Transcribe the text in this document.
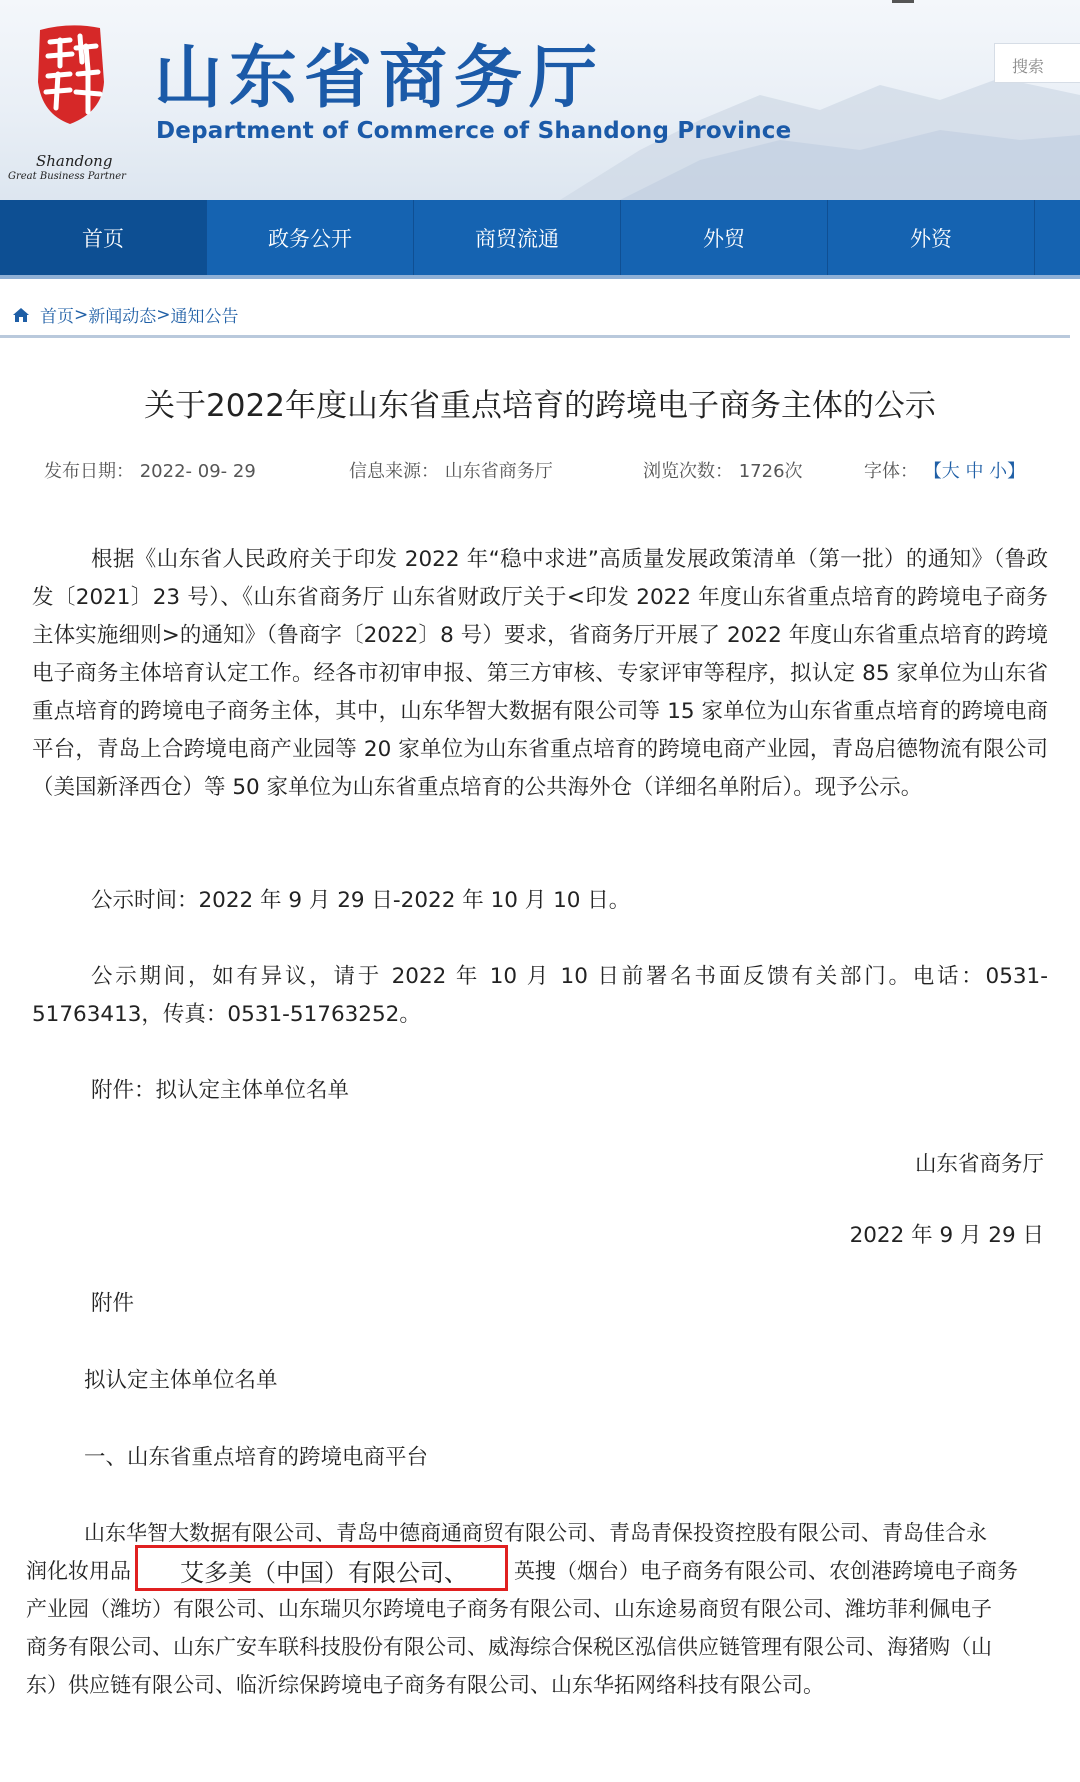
Shandong
Great Business Partner
山东省商务厅
Department of Commerce of Shandong Province
搜索
首页	政务公开	商贸流通	外贸	外资
首页 > 新闻动态 > 通知公告
关于2022年度山东省重点培育的跨境电子商务主体的公示
发布日期： 2022- 09- 29	信息来源： 山东省商务厅	浏览次数： 1726次	字体： 【大 中 小】
根据《山东省人民政府关于印发 2022 年“稳中求进”高质量发展政策清单（第一批）的通知》（鲁政发〔2021〕23 号）、《山东省商务厅 山东省财政厅关于<印发 2022 年度山东省重点培育的跨境电子商务主体实施细则>的通知》（鲁商字〔2022〕8 号）要求，省商务厅开展了 2022 年度山东省重点培育的跨境电子商务主体培育认定工作。经各市初审申报、第三方审核、专家评审等程序，拟认定 85 家单位为山东省重点培育的跨境电子商务主体，其中，山东华智大数据有限公司等 15 家单位为山东省重点培育的跨境电商平台，青岛上合跨境电商产业园等 20 家单位为山东省重点培育的跨境电商产业园，青岛启德物流有限公司（美国新泽西仓）等 50 家单位为山东省重点培育的公共海外仓（详细名单附后）。现予公示。
公示时间：2022 年 9 月 29 日-2022 年 10 月 10 日。
公示期间，如有异议，请于 2022 年 10 月 10 日前署名书面反馈有关部门。电话：0531-51763413，传真：0531-51763252。
附件：拟认定主体单位名单
山东省商务厅
2022 年 9 月 29 日
附件
拟认定主体单位名单
一、山东省重点培育的跨境电商平台
山东华智大数据有限公司、青岛中德商通商贸有限公司、青岛青保投资控股有限公司、青岛佳合永
润化妆用品 艾多美（中国）有限公司、 英捜（烟台）电子商务有限公司、农创港跨境电子商务
产业园（潍坊）有限公司、山东瑞贝尔跨境电子商务有限公司、山东途易商贸有限公司、潍坊菲利佩电子
商务有限公司、山东广安车联科技股份有限公司、威海综合保税区泓信供应链管理有限公司、海猪购（山
东）供应链有限公司、临沂综保跨境电子商务有限公司、山东华拓网络科技有限公司。
